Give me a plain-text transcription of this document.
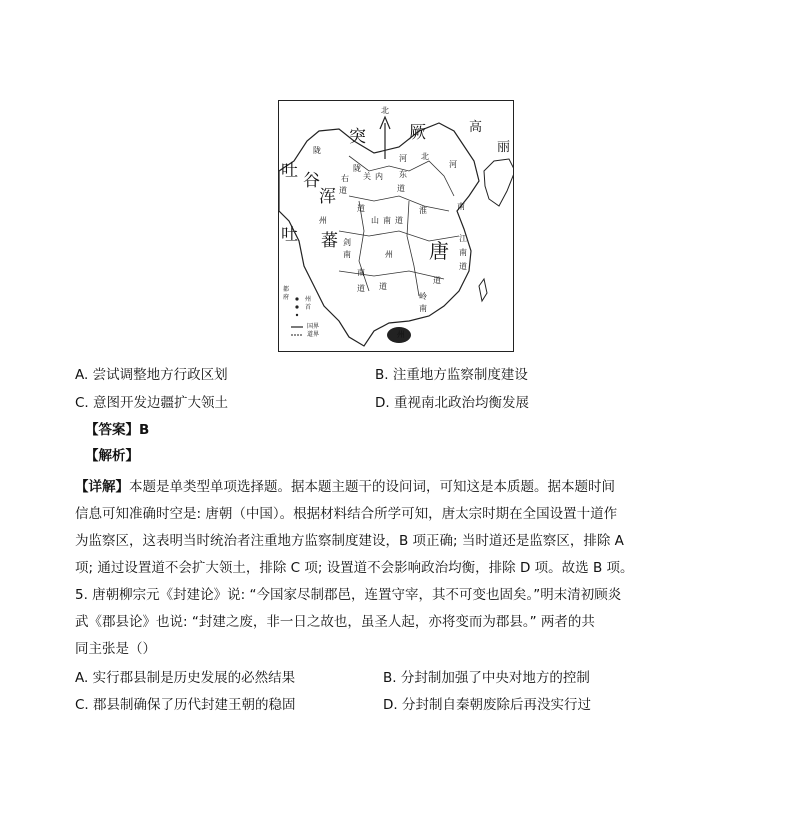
北
突	厥	高
丽
陇
吐 谷
浑
吐 蕃	唐
河 北
东
道
关 内
右
陇
道
山 南 道
道	南
淮
河
剑
南
江
南
道
南
道
岭
南
道
道
州
州
州
都
府	州
首
国界
道界
A. 尝试调整地方行政区划	B. 注重地方监察制度建设
C. 意图开发边疆扩大领土	D. 重视南北政治均衡发展
【答案】B
【解析】
【详解】本题是单类型单项选择题。据本题主题干的设问词，可知这是本质题。据本题时间
信息可知准确时空是: 唐朝（中国）。根据材料结合所学可知，唐太宗时期在全国设置十道作
为监察区，这表明当时统治者注重地方监察制度建设，B 项正确; 当时道还是监察区，排除 A
项; 通过设置道不会扩大领土，排除 C 项; 设置道不会影响政治均衡，排除 D 项。故选 B 项。
5. 唐朝柳宗元《封建论》说: “今国家尽制郡邑，连置守宰，其不可变也固矣。”明末清初顾炎
武《郡县论》也说: “封建之废，非一日之故也，虽圣人起，亦将变而为郡县。” 两者的共
同主张是（）
A. 实行郡县制是历史发展的必然结果	B. 分封制加强了中央对地方的控制
C. 郡县制确保了历代封建王朝的稳固	D. 分封制自秦朝废除后再没实行过
